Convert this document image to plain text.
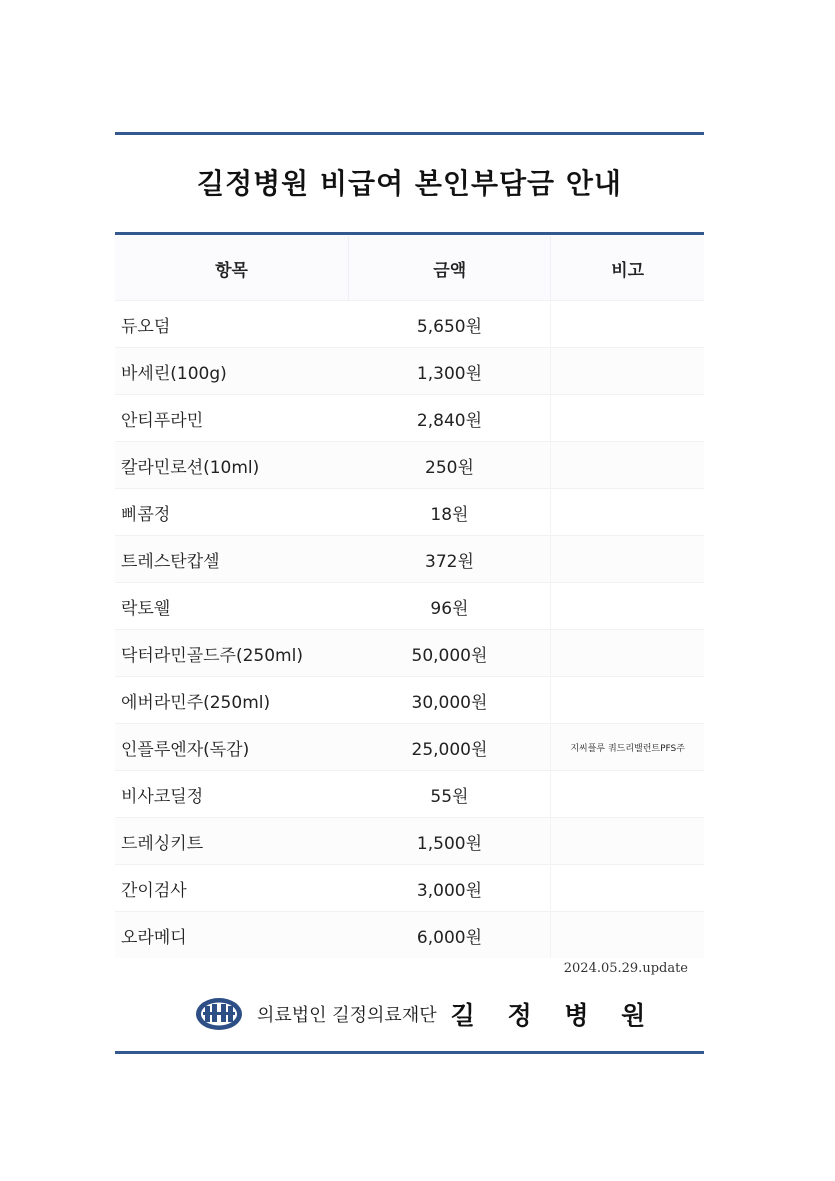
길정병원 비급여 본인부담금 안내
항목	금액	비고
듀오덤	5,650원	
바세린(100g)	1,300원	
안티푸라민	2,840원	
칼라민로션(10ml)	250원	
삐콤정	18원	
트레스탄캅셀	372원	
락토웰	96원	
닥터라민골드주(250ml)	50,000원	
에버라민주(250ml)	30,000원	
인플루엔자(독감)	25,000원	지씨플루 쿼드리밸런트PFS주
비사코딜정	55원	
드레싱키트	1,500원	
간이검사	3,000원	
오라메디	6,000원	
2024.05.29.update
의료법인 길정의료재단 길 정 병 원
